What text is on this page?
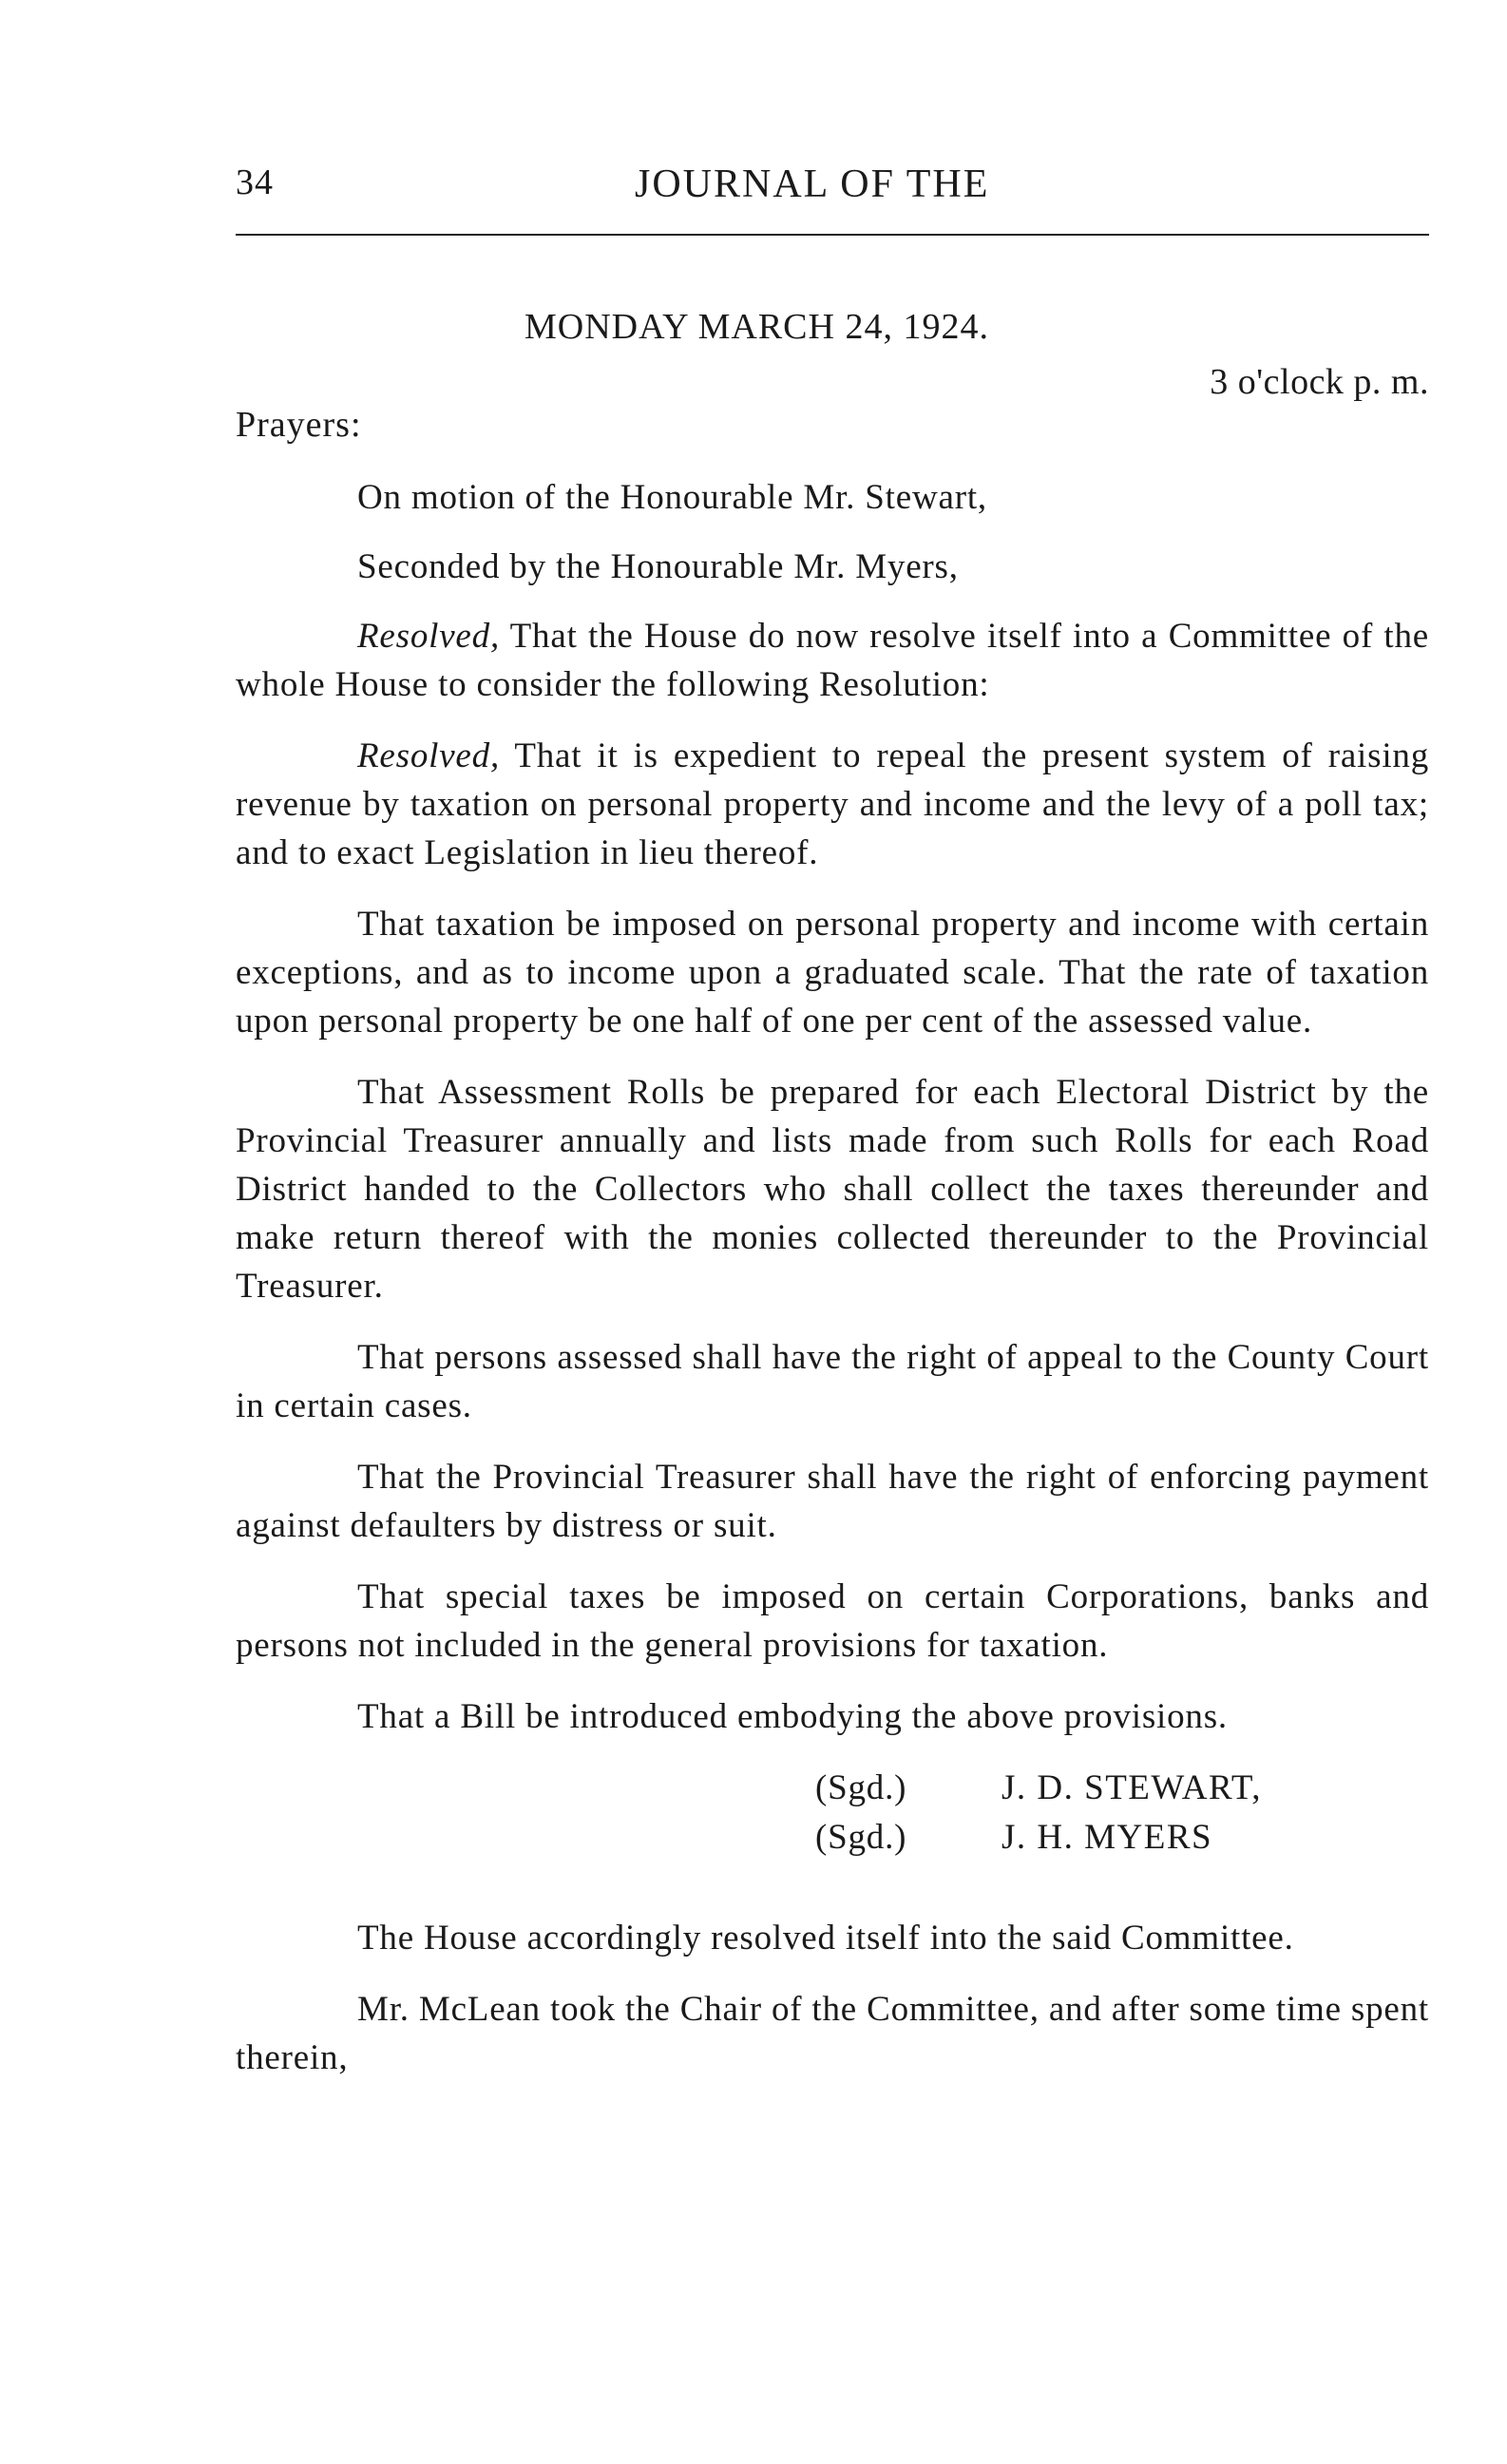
34	JOURNAL OF THE
MONDAY MARCH 24, 1924.
3 o'clock p. m.
Prayers:

On motion of the Honourable Mr. Stewart,

Seconded by the Honourable Mr. Myers,

Resolved, That the House do now resolve itself into a Committee of the whole House to consider the following Resolution:

Resolved, That it is expedient to repeal the present system of raising revenue by taxation on personal property and income and the levy of a poll tax; and to exact Legislation in lieu thereof.

That taxation be imposed on personal property and income with certain exceptions, and as to income upon a graduated scale. That the rate of taxation upon personal property be one half of one per cent of the assessed value.

That Assessment Rolls be prepared for each Electoral District by the Provincial Treasurer annually and lists made from such Rolls for each Road District handed to the Collectors who shall collect the taxes thereunder and make return thereof with the monies collected thereunder to the Provincial Treasurer.

That persons assessed shall have the right of appeal to the County Court in certain cases.

That the Provincial Treasurer shall have the right of enforcing payment against defaulters by distress or suit.

That special taxes be imposed on certain Corporations, banks and persons not included in the general provisions for taxation.

That a Bill be introduced embodying the above provisions.

(Sgd.)	J. D. STEWART,
(Sgd.)	J. H. MYERS

The House accordingly resolved itself into the said Committee.

Mr. McLean took the Chair of the Committee, and after some time spent therein,
